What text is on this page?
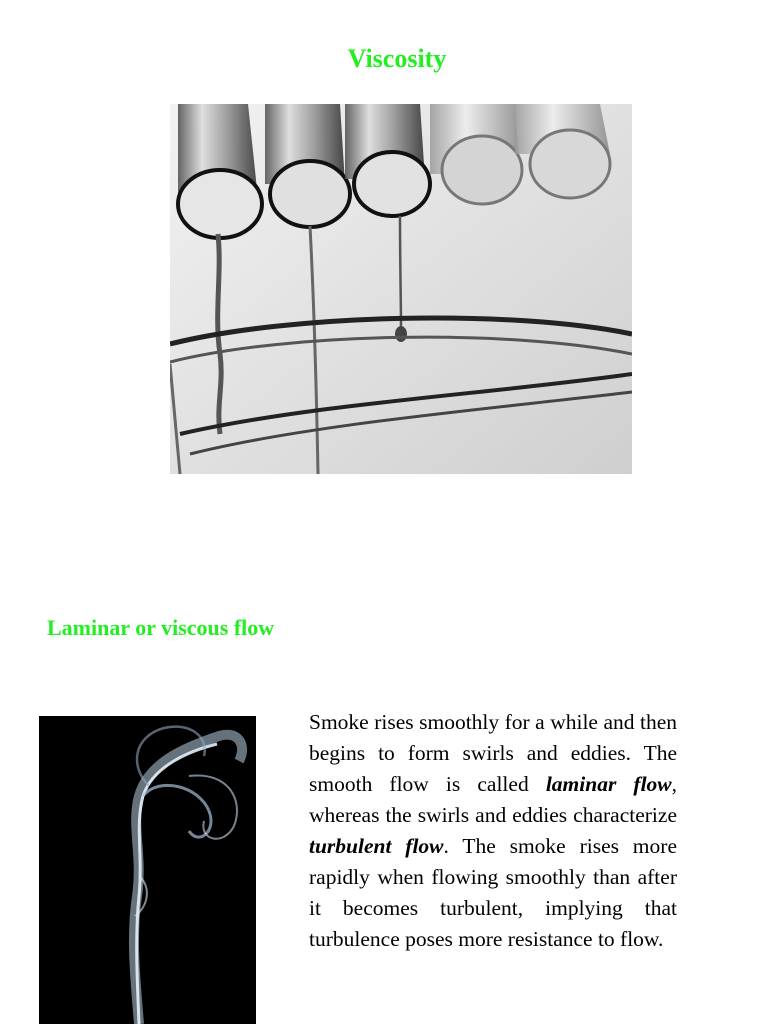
Viscosity
Laminar or viscous flow

Smoke rises smoothly for a while and then begins to form swirls and eddies. The smooth flow is called laminar flow, whereas the swirls and eddies characterize turbulent flow. The smoke rises more rapidly when flowing smoothly than after it becomes turbulent, implying that turbulence poses more resistance to flow.
